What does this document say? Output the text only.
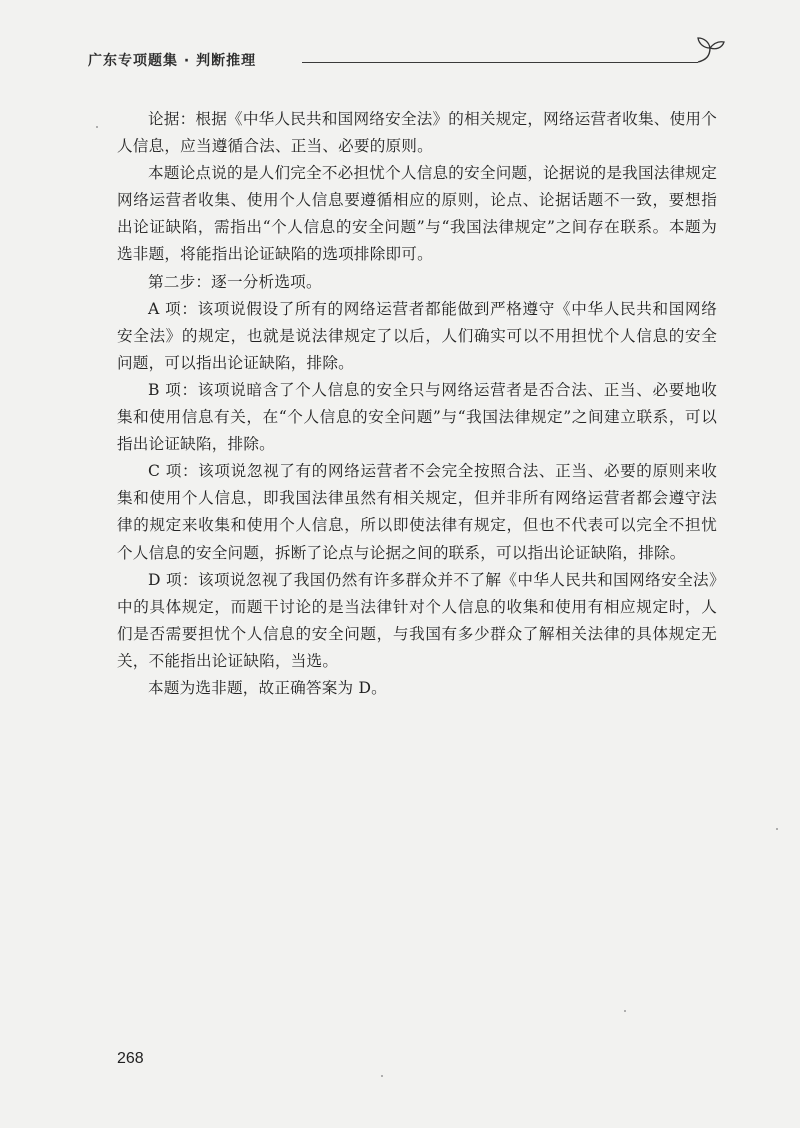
广东专项题集 · 判断推理

论据：根据《中华人民共和国网络安全法》的相关规定，网络运营者收集、使用个人信息，应当遵循合法、正当、必要的原则。

本题论点说的是人们完全不必担忧个人信息的安全问题，论据说的是我国法律规定网络运营者收集、使用个人信息要遵循相应的原则，论点、论据话题不一致，要想指出论证缺陷，需指出“个人信息的安全问题”与“我国法律规定”之间存在联系。本题为选非题，将能指出论证缺陷的选项排除即可。

第二步：逐一分析选项。

A 项：该项说假设了所有的网络运营者都能做到严格遵守《中华人民共和国网络安全法》的规定，也就是说法律规定了以后，人们确实可以不用担忧个人信息的安全问题，可以指出论证缺陷，排除。

B 项：该项说暗含了个人信息的安全只与网络运营者是否合法、正当、必要地收集和使用信息有关，在“个人信息的安全问题”与“我国法律规定”之间建立联系，可以指出论证缺陷，排除。

C 项：该项说忽视了有的网络运营者不会完全按照合法、正当、必要的原则来收集和使用个人信息，即我国法律虽然有相关规定，但并非所有网络运营者都会遵守法律的规定来收集和使用个人信息，所以即使法律有规定，但也不代表可以完全不担忧个人信息的安全问题，拆断了论点与论据之间的联系，可以指出论证缺陷，排除。

D 项：该项说忽视了我国仍然有许多群众并不了解《中华人民共和国网络安全法》中的具体规定，而题干讨论的是当法律针对个人信息的收集和使用有相应规定时，人们是否需要担忧个人信息的安全问题，与我国有多少群众了解相关法律的具体规定无关，不能指出论证缺陷，当选。

本题为选非题，故正确答案为 D。

268
